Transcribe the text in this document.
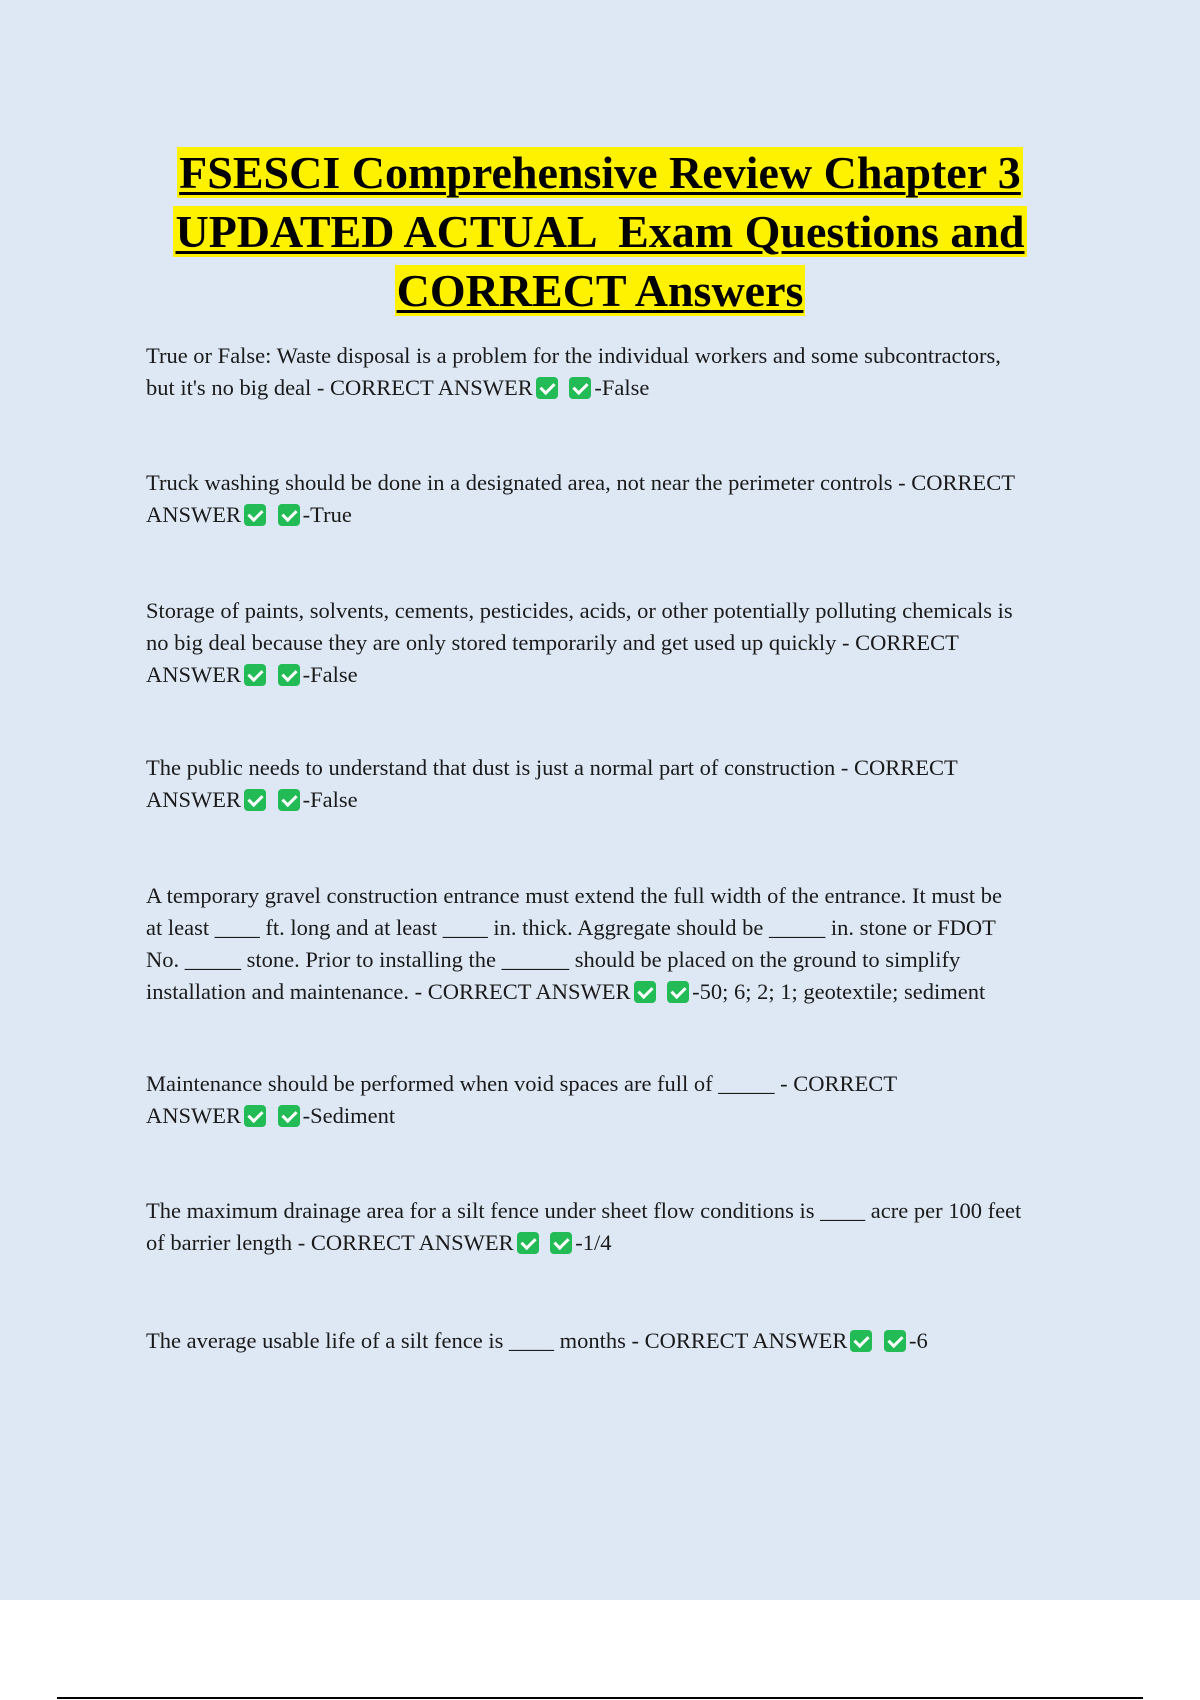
FSESCI Comprehensive Review Chapter 3
UPDATED ACTUAL  Exam Questions and
CORRECT Answers
True or False: Waste disposal is a problem for the individual workers and some subcontractors,
but it's no big deal - CORRECT ANSWER	-False
Truck washing should be done in a designated area, not near the perimeter controls - CORRECT
ANSWER	-True
Storage of paints, solvents, cements, pesticides, acids, or other potentially polluting chemicals is
no big deal because they are only stored temporarily and get used up quickly - CORRECT
ANSWER	-False
The public needs to understand that dust is just a normal part of construction - CORRECT
ANSWER	-False
A temporary gravel construction entrance must extend the full width of the entrance. It must be
at least ____ ft. long and at least ____ in. thick. Aggregate should be _____ in. stone or FDOT
No. _____ stone. Prior to installing the ______ should be placed on the ground to simplify
installation and maintenance. - CORRECT ANSWER	-50; 6; 2; 1; geotextile; sediment
Maintenance should be performed when void spaces are full of _____ - CORRECT
ANSWER	-Sediment
The maximum drainage area for a silt fence under sheet flow conditions is ____ acre per 100 feet
of barrier length - CORRECT ANSWER	-1/4
The average usable life of a silt fence is ____ months - CORRECT ANSWER	-6
